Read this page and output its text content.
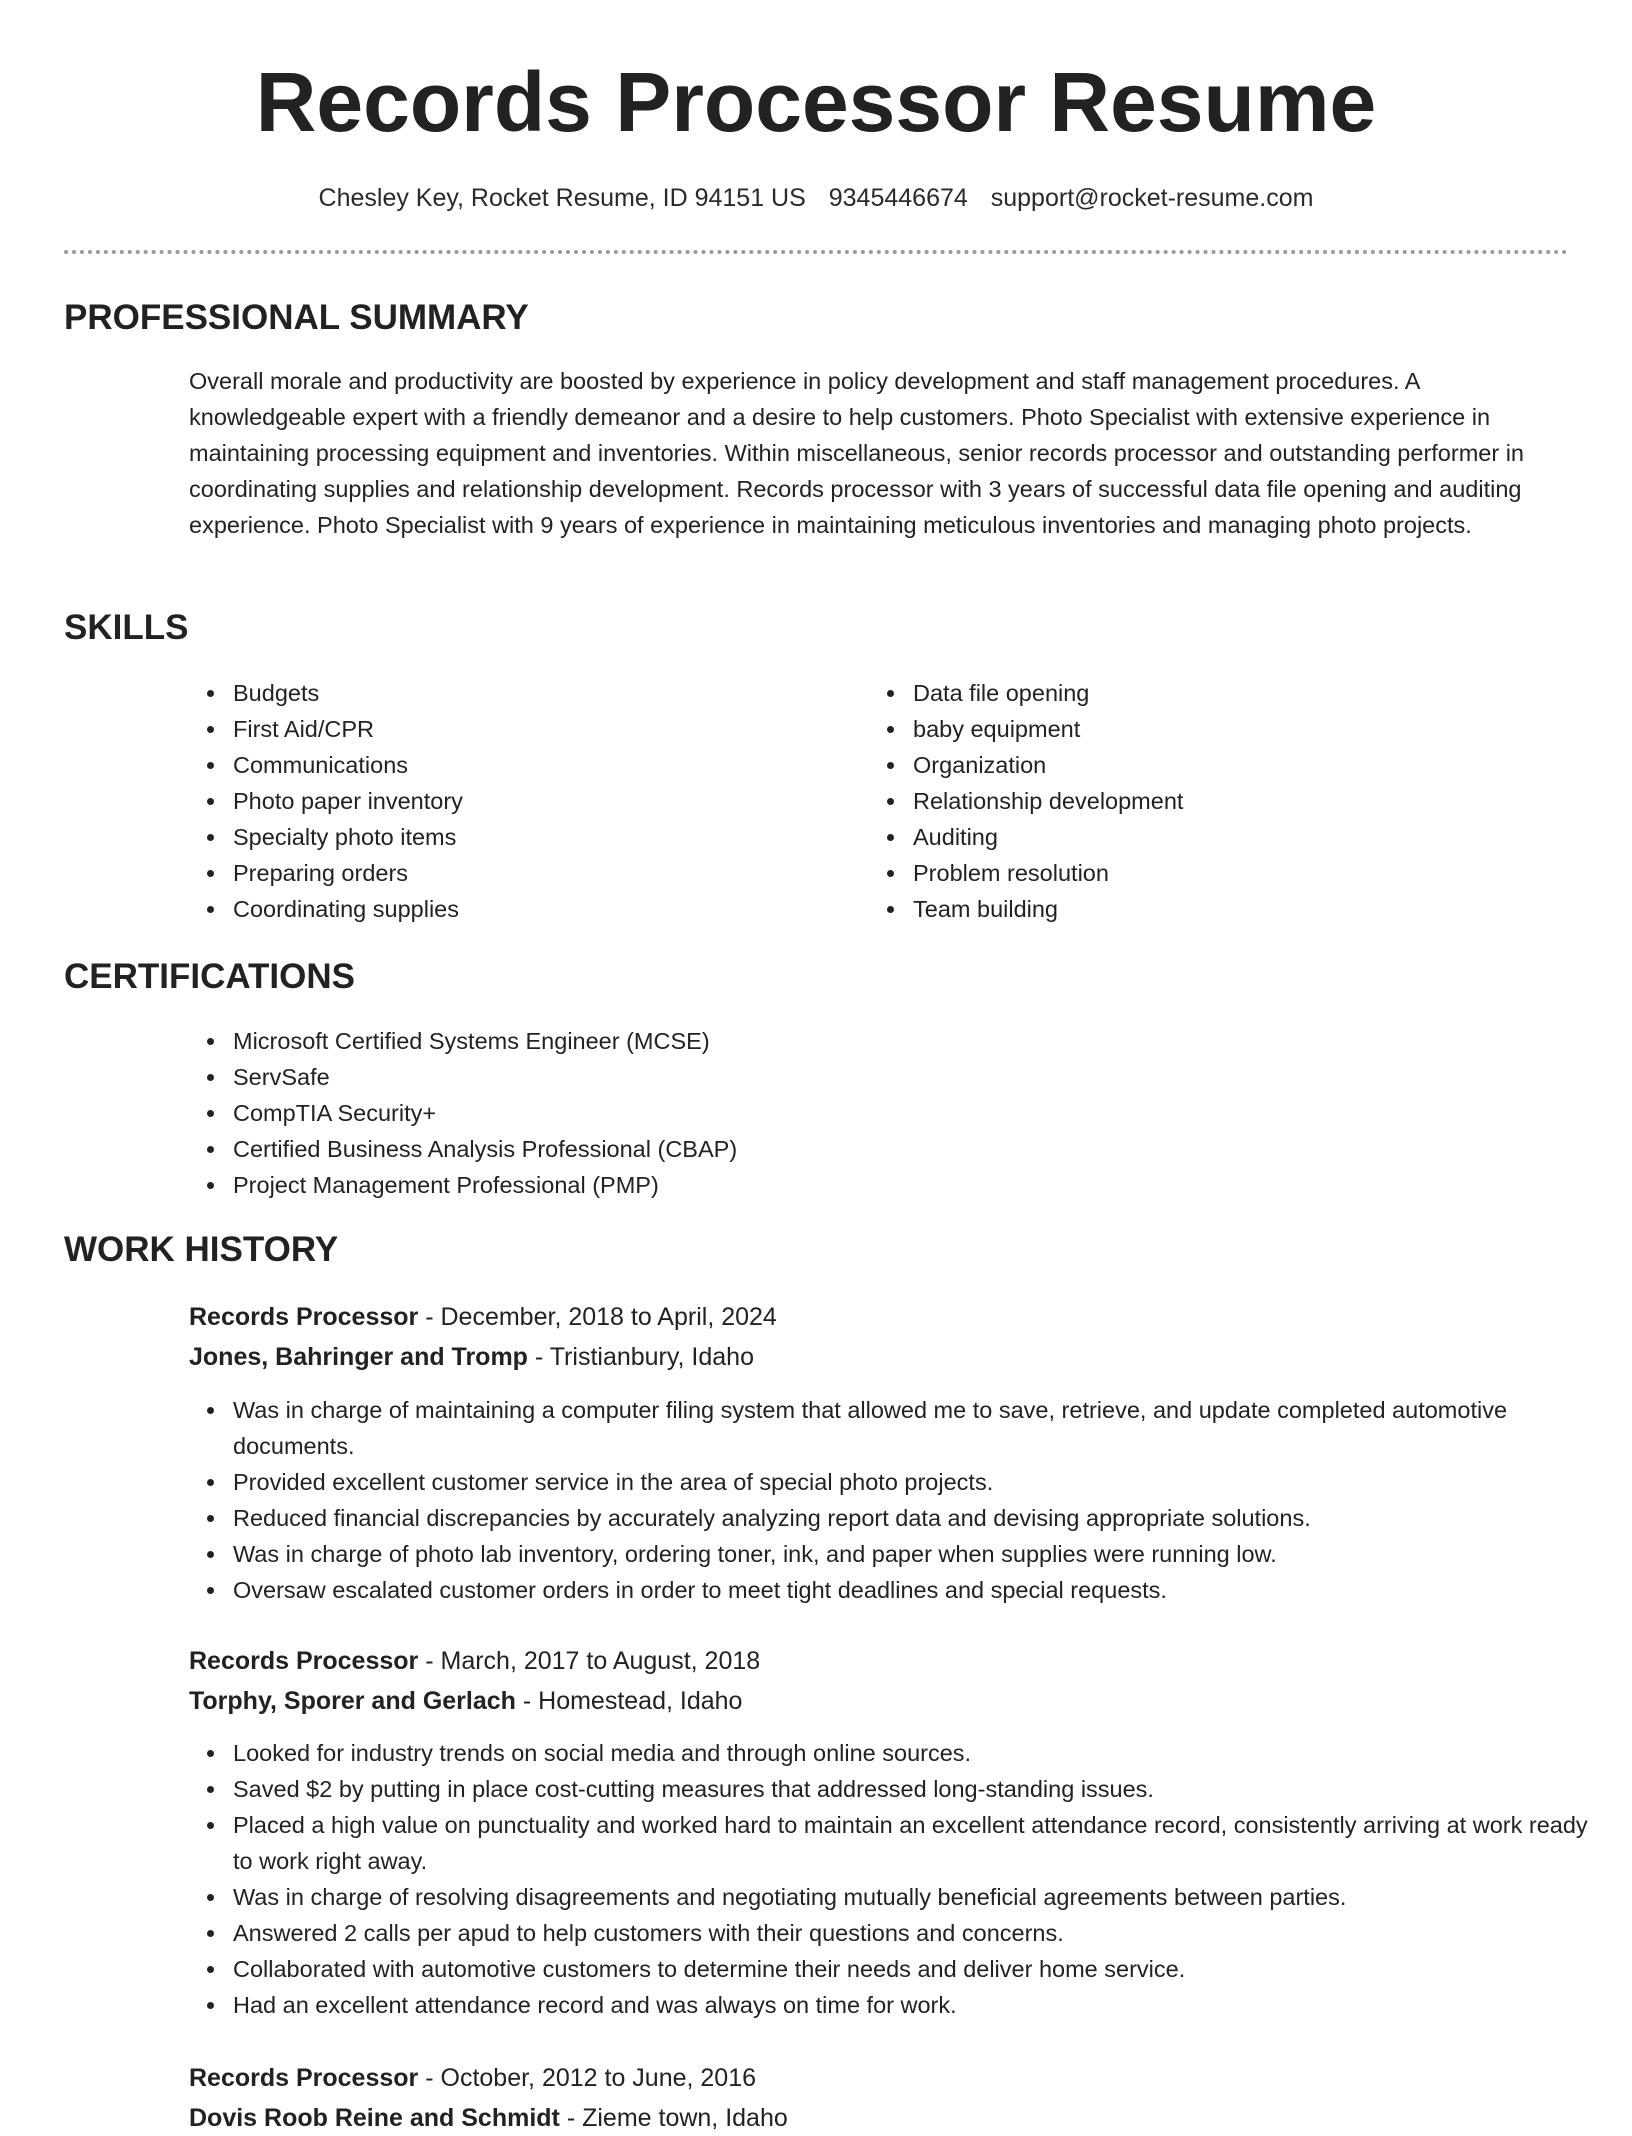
Records Processor Resume
Chesley Key, Rocket Resume, ID 94151 US 9345446674 support@rocket-resume.com
PROFESSIONAL SUMMARY

Overall morale and productivity are boosted by experience in policy development and staff management procedures. A knowledgeable expert with a friendly demeanor and a desire to help customers. Photo Specialist with extensive experience in maintaining processing equipment and inventories. Within miscellaneous, senior records processor and outstanding performer in coordinating supplies and relationship development. Records processor with 3 years of successful data file opening and auditing experience. Photo Specialist with 9 years of experience in maintaining meticulous inventories and managing photo projects.

SKILLS
Budgets
First Aid/CPR
Communications
Photo paper inventory
Specialty photo items
Preparing orders
Coordinating supplies
Data file opening
baby equipment
Organization
Relationship development
Auditing
Problem resolution
Team building
CERTIFICATIONS
Microsoft Certified Systems Engineer (MCSE)
ServSafe
CompTIA Security+
Certified Business Analysis Professional (CBAP)
Project Management Professional (PMP)
WORK HISTORY
Records Processor - December, 2018 to April, 2024
Jones, Bahringer and Tromp - Tristianbury, Idaho
Was in charge of maintaining a computer filing system that allowed me to save, retrieve, and update completed automotive documents.
Provided excellent customer service in the area of special photo projects.
Reduced financial discrepancies by accurately analyzing report data and devising appropriate solutions.
Was in charge of photo lab inventory, ordering toner, ink, and paper when supplies were running low.
Oversaw escalated customer orders in order to meet tight deadlines and special requests.
Records Processor - March, 2017 to August, 2018
Torphy, Sporer and Gerlach - Homestead, Idaho
Looked for industry trends on social media and through online sources.
Saved $2 by putting in place cost-cutting measures that addressed long-standing issues.
Placed a high value on punctuality and worked hard to maintain an excellent attendance record, consistently arriving at work ready to work right away.
Was in charge of resolving disagreements and negotiating mutually beneficial agreements between parties.
Answered 2 calls per apud to help customers with their questions and concerns.
Collaborated with automotive customers to determine their needs and deliver home service.
Had an excellent attendance record and was always on time for work.
Records Processor - October, 2012 to June, 2016
Dovis Roob Reine and Schmidt - Zieme town, Idaho
